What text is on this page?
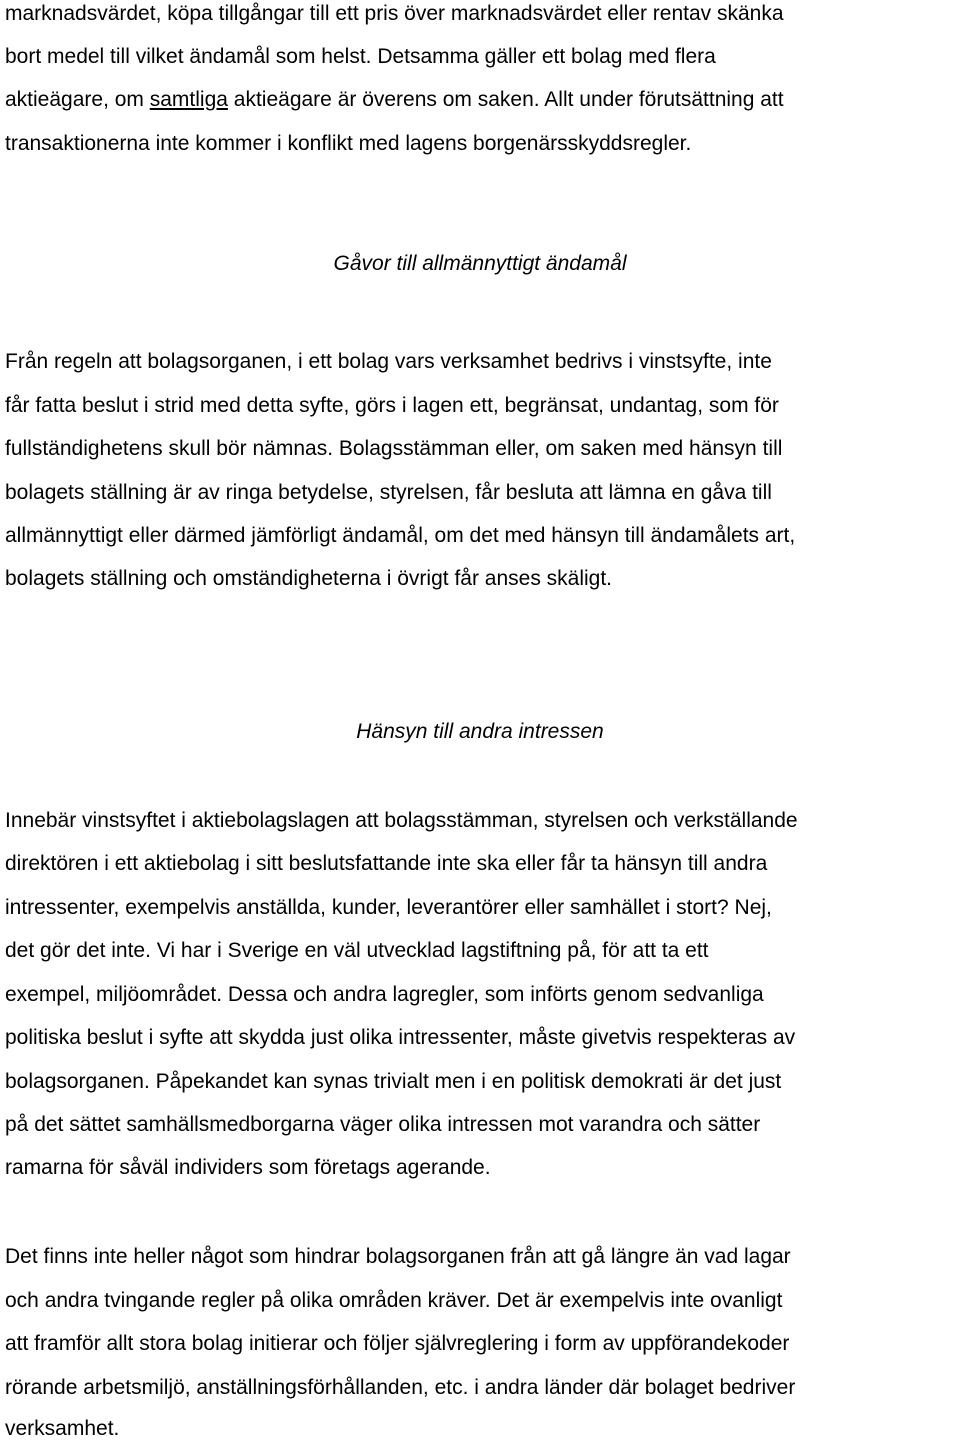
marknadsvärdet, köpa tillgångar till ett pris över marknadsvärdet eller rentav skänka

bort medel till vilket ändamål som helst. Detsamma gäller ett bolag med flera

aktieägare, om samtliga aktieägare är överens om saken. Allt under förutsättning att

transaktionerna inte kommer i konflikt med lagens borgenärsskyddsregler.

Gåvor till allmännyttigt ändamål

Från regeln att bolagsorganen, i ett bolag vars verksamhet bedrivs i vinstsyfte, inte

får fatta beslut i strid med detta syfte, görs i lagen ett, begränsat, undantag, som för

fullständighetens skull bör nämnas. Bolagsstämman eller, om saken med hänsyn till

bolagets ställning är av ringa betydelse, styrelsen, får besluta att lämna en gåva till

allmännyttigt eller därmed jämförligt ändamål, om det med hänsyn till ändamålets art,

bolagets ställning och omständigheterna i övrigt får anses skäligt.

Hänsyn till andra intressen

Innebär vinstsyftet i aktiebolagslagen att bolagsstämman, styrelsen och verkställande

direktören i ett aktiebolag i sitt beslutsfattande inte ska eller får ta hänsyn till andra

intressenter, exempelvis anställda, kunder, leverantörer eller samhället i stort? Nej,

det gör det inte. Vi har i Sverige en väl utvecklad lagstiftning på, för att ta ett

exempel, miljöområdet. Dessa och andra lagregler, som införts genom sedvanliga

politiska beslut i syfte att skydda just olika intressenter, måste givetvis respekteras av

bolagsorganen. Påpekandet kan synas trivialt men i en politisk demokrati är det just

på det sättet samhällsmedborgarna väger olika intressen mot varandra och sätter

ramarna för såväl individers som företags agerande.

Det finns inte heller något som hindrar bolagsorganen från att gå längre än vad lagar

och andra tvingande regler på olika områden kräver. Det är exempelvis inte ovanligt

att framför allt stora bolag initierar och följer självreglering i form av uppförandekoder

rörande arbetsmiljö, anställningsförhållanden, etc. i andra länder där bolaget bedriver

verksamhet.
